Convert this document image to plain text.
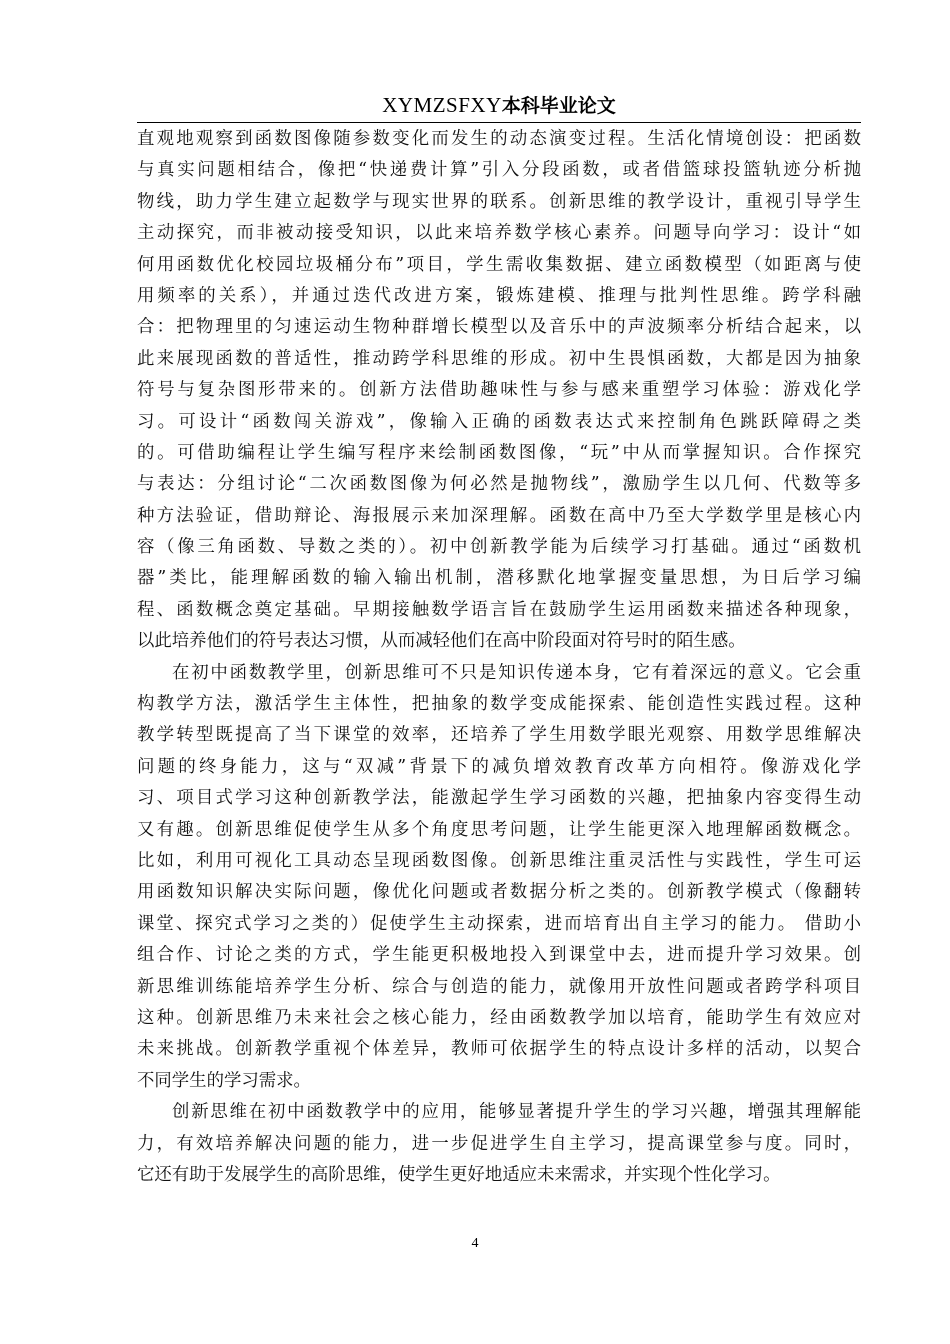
XYMZSFXY本科毕业论文
直观地观察到函数图像随参数变化而发生的动态演变过程。生活化情境创设：把函数
与真实问题相结合，像把“快递费计算”引入分段函数，或者借篮球投篮轨迹分析抛
物线，助力学生建立起数学与现实世界的联系。创新思维的教学设计，重视引导学生
主动探究，而非被动接受知识，以此来培养数学核心素养。问题导向学习：设计“如
何用函数优化校园垃圾桶分布”项目，学生需收集数据、建立函数模型（如距离与使
用频率的关系），并通过迭代改进方案，锻炼建模、推理与批判性思维。跨学科融
合：把物理里的匀速运动生物种群增长模型以及音乐中的声波频率分析结合起来，以
此来展现函数的普适性，推动跨学科思维的形成。初中生畏惧函数，大都是因为抽象
符号与复杂图形带来的。创新方法借助趣味性与参与感来重塑学习体验：游戏化学
习。可设计“函数闯关游戏”，像输入正确的函数表达式来控制角色跳跃障碍之类
的。可借助编程让学生编写程序来绘制函数图像，“玩”中从而掌握知识。合作探究
与表达：分组讨论“二次函数图像为何必然是抛物线”，激励学生以几何、代数等多
种方法验证，借助辩论、海报展示来加深理解。函数在高中乃至大学数学里是核心内
容（像三角函数、导数之类的）。初中创新教学能为后续学习打基础。通过“函数机
器”类比，能理解函数的输入输出机制，潜移默化地掌握变量思想，为日后学习编
程、函数概念奠定基础。早期接触数学语言旨在鼓励学生运用函数来描述各种现象，
以此培养他们的符号表达习惯，从而减轻他们在高中阶段面对符号时的陌生感。
在初中函数教学里，创新思维可不只是知识传递本身，它有着深远的意义。它会重
构教学方法，激活学生主体性，把抽象的数学变成能探索、能创造性实践过程。这种
教学转型既提高了当下课堂的效率，还培养了学生用数学眼光观察、用数学思维解决
问题的终身能力，这与“双减”背景下的减负增效教育改革方向相符。像游戏化学
习、项目式学习这种创新教学法，能激起学生学习函数的兴趣，把抽象内容变得生动
又有趣。创新思维促使学生从多个角度思考问题，让学生能更深入地理解函数概念。
比如，利用可视化工具动态呈现函数图像。创新思维注重灵活性与实践性，学生可运
用函数知识解决实际问题，像优化问题或者数据分析之类的。创新教学模式（像翻转
课堂、探究式学习之类的）促使学生主动探索，进而培育出自主学习的能力。 借助小
组合作、讨论之类的方式，学生能更积极地投入到课堂中去，进而提升学习效果。创
新思维训练能培养学生分析、综合与创造的能力，就像用开放性问题或者跨学科项目
这种。创新思维乃未来社会之核心能力，经由函数教学加以培育，能助学生有效应对
未来挑战。创新教学重视个体差异，教师可依据学生的特点设计多样的活动，以契合
不同学生的学习需求。
创新思维在初中函数教学中的应用，能够显著提升学生的学习兴趣，增强其理解能
力，有效培养解决问题的能力，进一步促进学生自主学习，提高课堂参与度。同时，
它还有助于发展学生的高阶思维，使学生更好地适应未来需求，并实现个性化学习。
4
